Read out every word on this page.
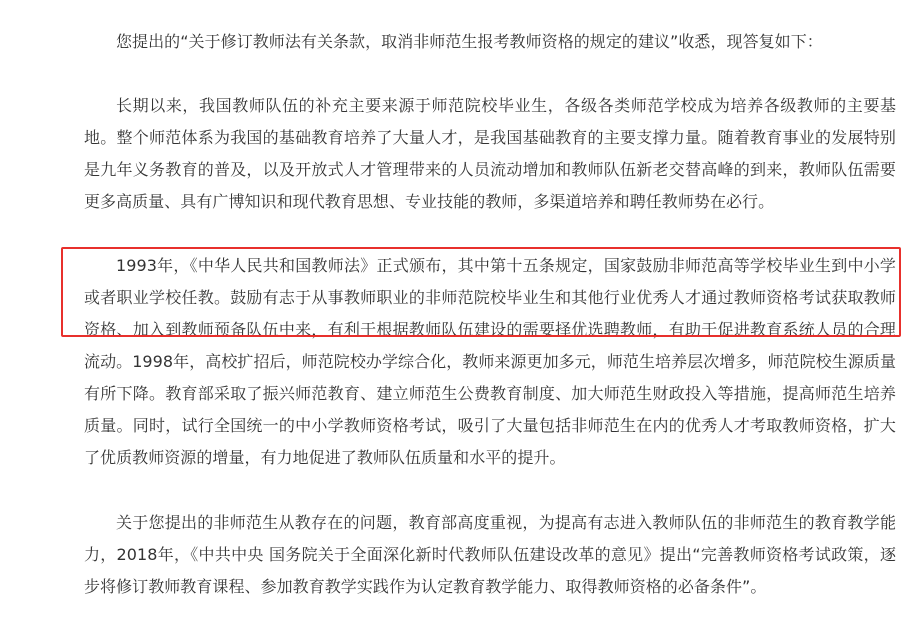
您提出的“关于修订教师法有关条款，取消非师范生报考教师资格的规定的建议”收悉，现答复如下：

长期以来，我国教师队伍的补充主要来源于师范院校毕业生，各级各类师范学校成为培养各级教师的主要基地。整个师范体系为我国的基础教育培养了大量人才，是我国基础教育的主要支撑力量。随着教育事业的发展特别是九年义务教育的普及，以及开放式人才管理带来的人员流动增加和教师队伍新老交替高峰的到来，教师队伍需要更多高质量、具有广博知识和现代教育思想、专业技能的教师，多渠道培养和聘任教师势在必行。

1993年，《中华人民共和国教师法》正式颁布，其中第十五条规定，国家鼓励非师范高等学校毕业生到中小学或者职业学校任教。鼓励有志于从事教师职业的非师范院校毕业生和其他行业优秀人才通过教师资格考试获取教师资格、加入到教师预备队伍中来，有利于根据教师队伍建设的需要择优选聘教师，有助于促进教育系统人员的合理流动。1998年，高校扩招后，师范院校办学综合化，教师来源更加多元，师范生培养层次增多，师范院校生源质量有所下降。教育部采取了振兴师范教育、建立师范生公费教育制度、加大师范生财政投入等措施，提高师范生培养质量。同时，试行全国统一的中小学教师资格考试，吸引了大量包括非师范生在内的优秀人才考取教师资格，扩大了优质教师资源的增量，有力地促进了教师队伍质量和水平的提升。

关于您提出的非师范生从教存在的问题，教育部高度重视，为提高有志进入教师队伍的非师范生的教育教学能力，2018年，《中共中央 国务院关于全面深化新时代教师队伍建设改革的意见》提出“完善教师资格考试政策，逐步将修订教师教育课程、参加教育教学实践作为认定教育教学能力、取得教师资格的必备条件”。
